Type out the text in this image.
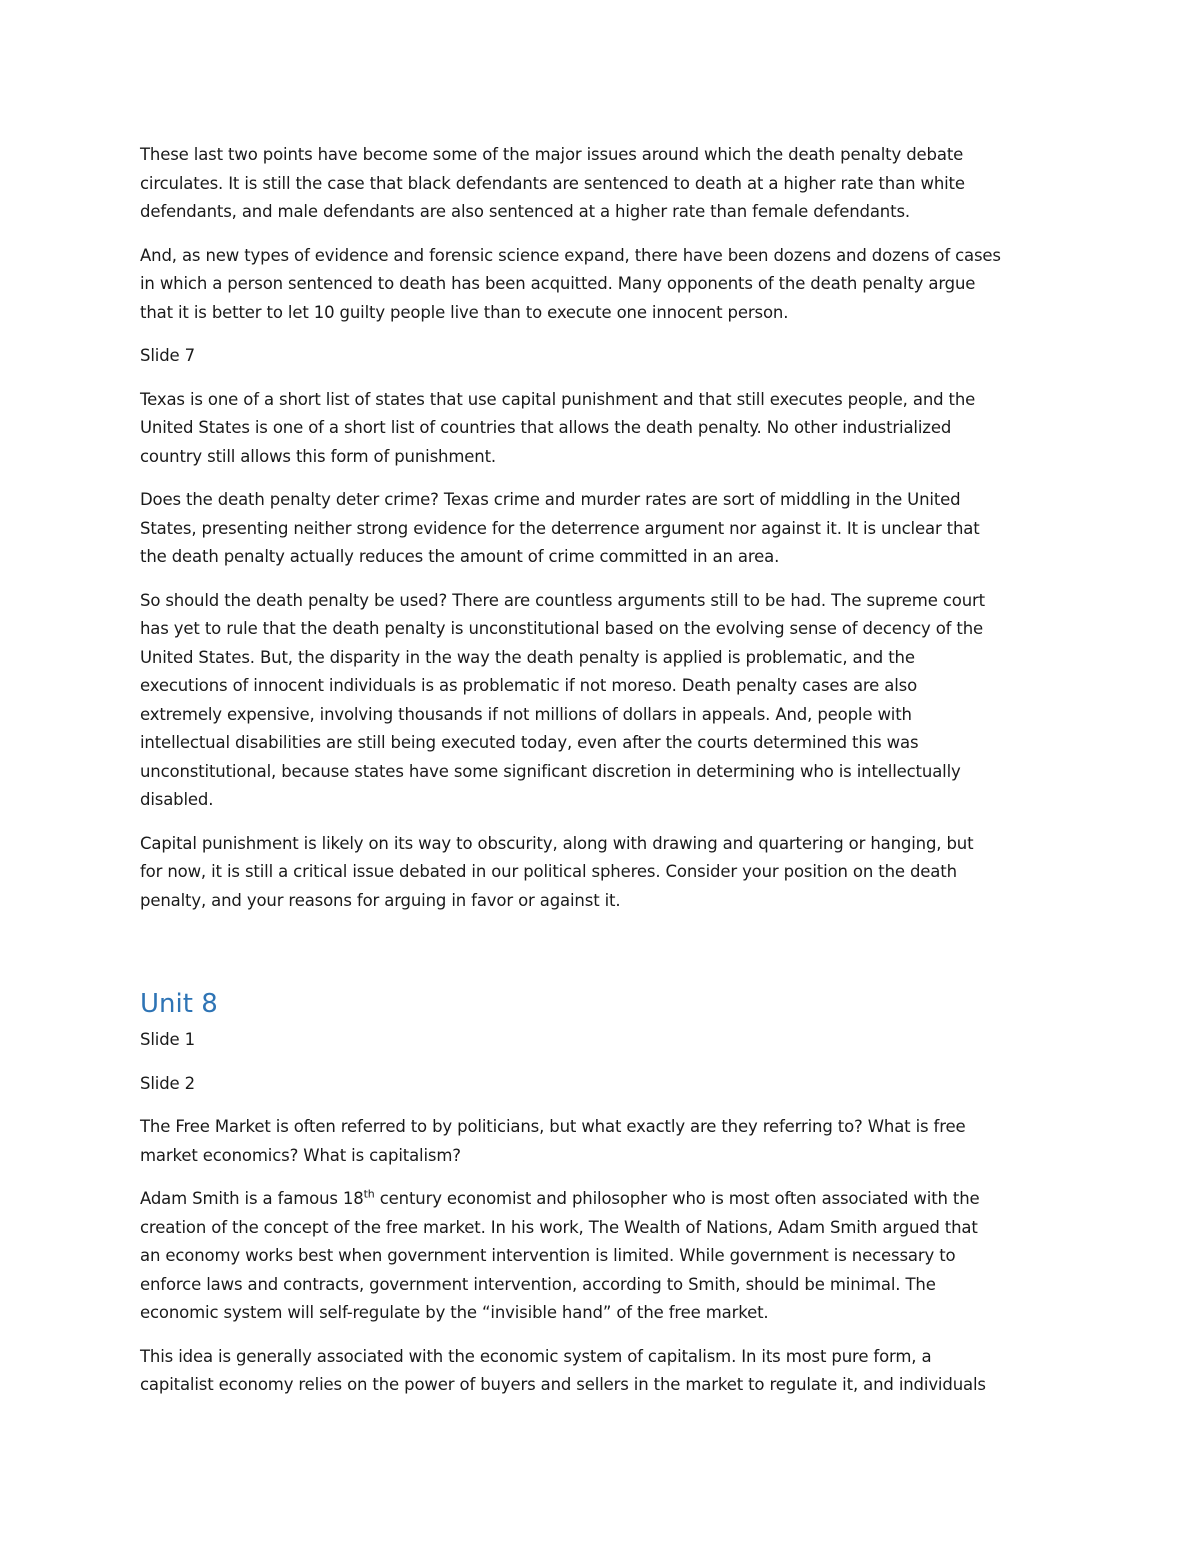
These last two points have become some of the major issues around which the death penalty debate
circulates. It is still the case that black defendants are sentenced to death at a higher rate than white
defendants, and male defendants are also sentenced at a higher rate than female defendants.

And, as new types of evidence and forensic science expand, there have been dozens and dozens of cases
in which a person sentenced to death has been acquitted. Many opponents of the death penalty argue
that it is better to let 10 guilty people live than to execute one innocent person.

Slide 7

Texas is one of a short list of states that use capital punishment and that still executes people, and the
United States is one of a short list of countries that allows the death penalty. No other industrialized
country still allows this form of punishment.

Does the death penalty deter crime? Texas crime and murder rates are sort of middling in the United
States, presenting neither strong evidence for the deterrence argument nor against it. It is unclear that
the death penalty actually reduces the amount of crime committed in an area.

So should the death penalty be used? There are countless arguments still to be had. The supreme court
has yet to rule that the death penalty is unconstitutional based on the evolving sense of decency of the
United States. But, the disparity in the way the death penalty is applied is problematic, and the
executions of innocent individuals is as problematic if not moreso. Death penalty cases are also
extremely expensive, involving thousands if not millions of dollars in appeals. And, people with
intellectual disabilities are still being executed today, even after the courts determined this was
unconstitutional, because states have some significant discretion in determining who is intellectually
disabled.

Capital punishment is likely on its way to obscurity, along with drawing and quartering or hanging, but
for now, it is still a critical issue debated in our political spheres. Consider your position on the death
penalty, and your reasons for arguing in favor or against it.

Unit 8

Slide 1

Slide 2

The Free Market is often referred to by politicians, but what exactly are they referring to? What is free
market economics? What is capitalism?

Adam Smith is a famous 18th century economist and philosopher who is most often associated with the
creation of the concept of the free market. In his work, The Wealth of Nations, Adam Smith argued that
an economy works best when government intervention is limited. While government is necessary to
enforce laws and contracts, government intervention, according to Smith, should be minimal. The
economic system will self-regulate by the “invisible hand” of the free market.

This idea is generally associated with the economic system of capitalism. In its most pure form, a
capitalist economy relies on the power of buyers and sellers in the market to regulate it, and individuals
